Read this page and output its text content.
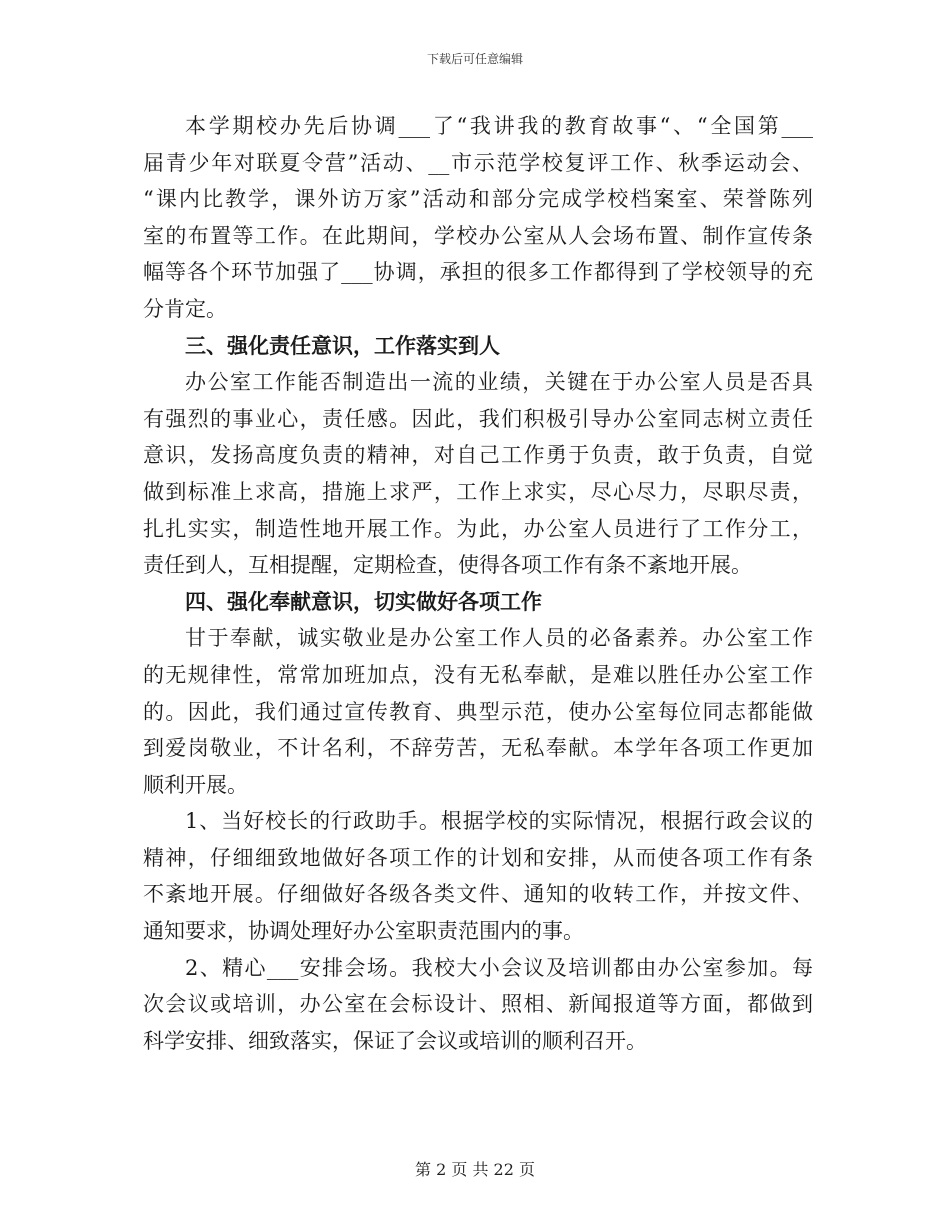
下载后可任意编辑
本学期校办先后协调___了“我讲我的教育故事“、“全国第___
届青少年对联夏令营”活动、__市示范学校复评工作、秋季运动会、
“课内比教学，课外访万家”活动和部分完成学校档案室、荣誉陈列
室的布置等工作。在此期间，学校办公室从人会场布置、制作宣传条
幅等各个环节加强了___协调，承担的很多工作都得到了学校领导的充
分肯定。
三、强化责任意识，工作落实到人
办公室工作能否制造出一流的业绩，关键在于办公室人员是否具
有强烈的事业心，责任感。因此，我们积极引导办公室同志树立责任
意识，发扬高度负责的精神，对自己工作勇于负责，敢于负责，自觉
做到标准上求高，措施上求严，工作上求实，尽心尽力，尽职尽责，
扎扎实实，制造性地开展工作。为此，办公室人员进行了工作分工，
责任到人，互相提醒，定期检查，使得各项工作有条不紊地开展。
四、强化奉献意识，切实做好各项工作
甘于奉献，诚实敬业是办公室工作人员的必备素养。办公室工作
的无规律性，常常加班加点，没有无私奉献，是难以胜任办公室工作
的。因此，我们通过宣传教育、典型示范，使办公室每位同志都能做
到爱岗敬业，不计名利，不辞劳苦，无私奉献。本学年各项工作更加
顺利开展。
1、当好校长的行政助手。根据学校的实际情况，根据行政会议的
精神，仔细细致地做好各项工作的计划和安排，从而使各项工作有条
不紊地开展。仔细做好各级各类文件、通知的收转工作，并按文件、
通知要求，协调处理好办公室职责范围内的事。
2、精心___安排会场。我校大小会议及培训都由办公室参加。每
次会议或培训，办公室在会标设计、照相、新闻报道等方面，都做到
科学安排、细致落实，保证了会议或培训的顺利召开。
第 2 页 共 22 页
